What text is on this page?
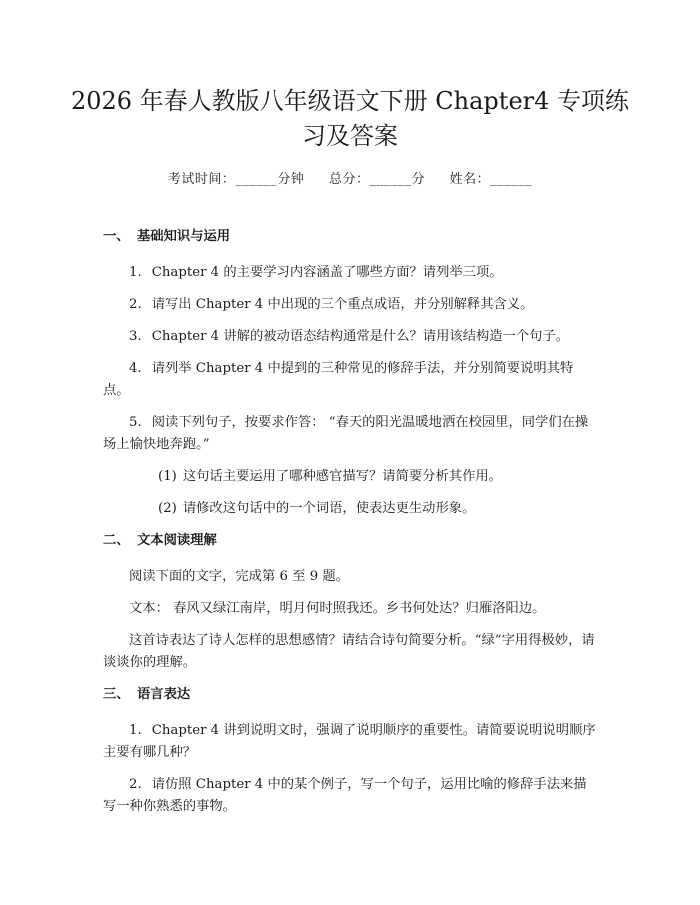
2026 年春人教版八年级语文下册 Chapter4 专项练习及答案
考试时间：______分钟 总分：______分 姓名：______
一、 基础知识与运用

1. Chapter 4 的主要学习内容涵盖了哪些方面？请列举三项。

2. 请写出 Chapter 4 中出现的三个重点成语，并分别解释其含义。

3. Chapter 4 讲解的被动语态结构通常是什么？请用该结构造一个句子。

4. 请列举 Chapter 4 中提到的三种常见的修辞手法，并分别简要说明其特点。

5. 阅读下列句子，按要求作答： “春天的阳光温暖地洒在校园里，同学们在操场上愉快地奔跑。”

(1) 这句话主要运用了哪种感官描写？请简要分析其作用。

(2) 请修改这句话中的一个词语，使表达更生动形象。

二、 文本阅读理解

阅读下面的文字，完成第 6 至 9 题。

文本： 春风又绿江南岸，明月何时照我还。乡书何处达？归雁洛阳边。

这首诗表达了诗人怎样的思想感情？请结合诗句简要分析。“绿”字用得极妙，请谈谈你的理解。

三、 语言表达

1. Chapter 4 讲到说明文时，强调了说明顺序的重要性。请简要说明说明顺序主要有哪几种？

2. 请仿照 Chapter 4 中的某个例子，写一个句子，运用比喻的修辞手法来描写一种你熟悉的事物。
